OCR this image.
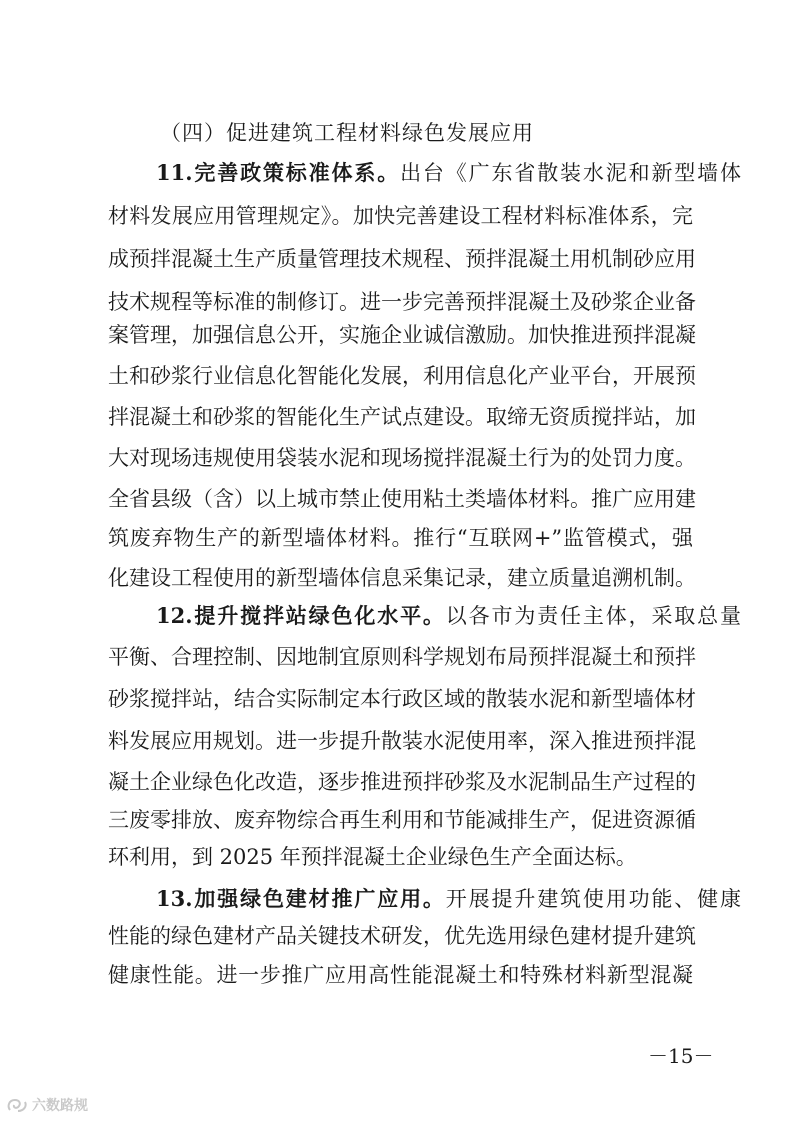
（四）促进建筑工程材料绿色发展应用
11.完善政策标准体系。出台《广东省散装水泥和新型墙体
材料发展应用管理规定》。加快完善建设工程材料标准体系，完
成预拌混凝土生产质量管理技术规程、预拌混凝土用机制砂应用
技术规程等标准的制修订。进一步完善预拌混凝土及砂浆企业备
案管理，加强信息公开，实施企业诚信激励。加快推进预拌混凝
土和砂浆行业信息化智能化发展，利用信息化产业平台，开展预
拌混凝土和砂浆的智能化生产试点建设。取缔无资质搅拌站，加
大对现场违规使用袋装水泥和现场搅拌混凝土行为的处罚力度。
全省县级（含）以上城市禁止使用粘土类墙体材料。推广应用建
筑废弃物生产的新型墙体材料。推行“互联网+”监管模式，强
化建设工程使用的新型墙体信息采集记录，建立质量追溯机制。
12.提升搅拌站绿色化水平。以各市为责任主体，采取总量
平衡、合理控制、因地制宜原则科学规划布局预拌混凝土和预拌
砂浆搅拌站，结合实际制定本行政区域的散装水泥和新型墙体材
料发展应用规划。进一步提升散装水泥使用率，深入推进预拌混
凝土企业绿色化改造，逐步推进预拌砂浆及水泥制品生产过程的
三废零排放、废弃物综合再生利用和节能减排生产，促进资源循
环利用，到 2025 年预拌混凝土企业绿色生产全面达标。
13.加强绿色建材推广应用。开展提升建筑使用功能、健康
性能的绿色建材产品关键技术研发，优先选用绿色建材提升建筑
健康性能。进一步推广应用高性能混凝土和特殊材料新型混凝
－15－
六数路规
